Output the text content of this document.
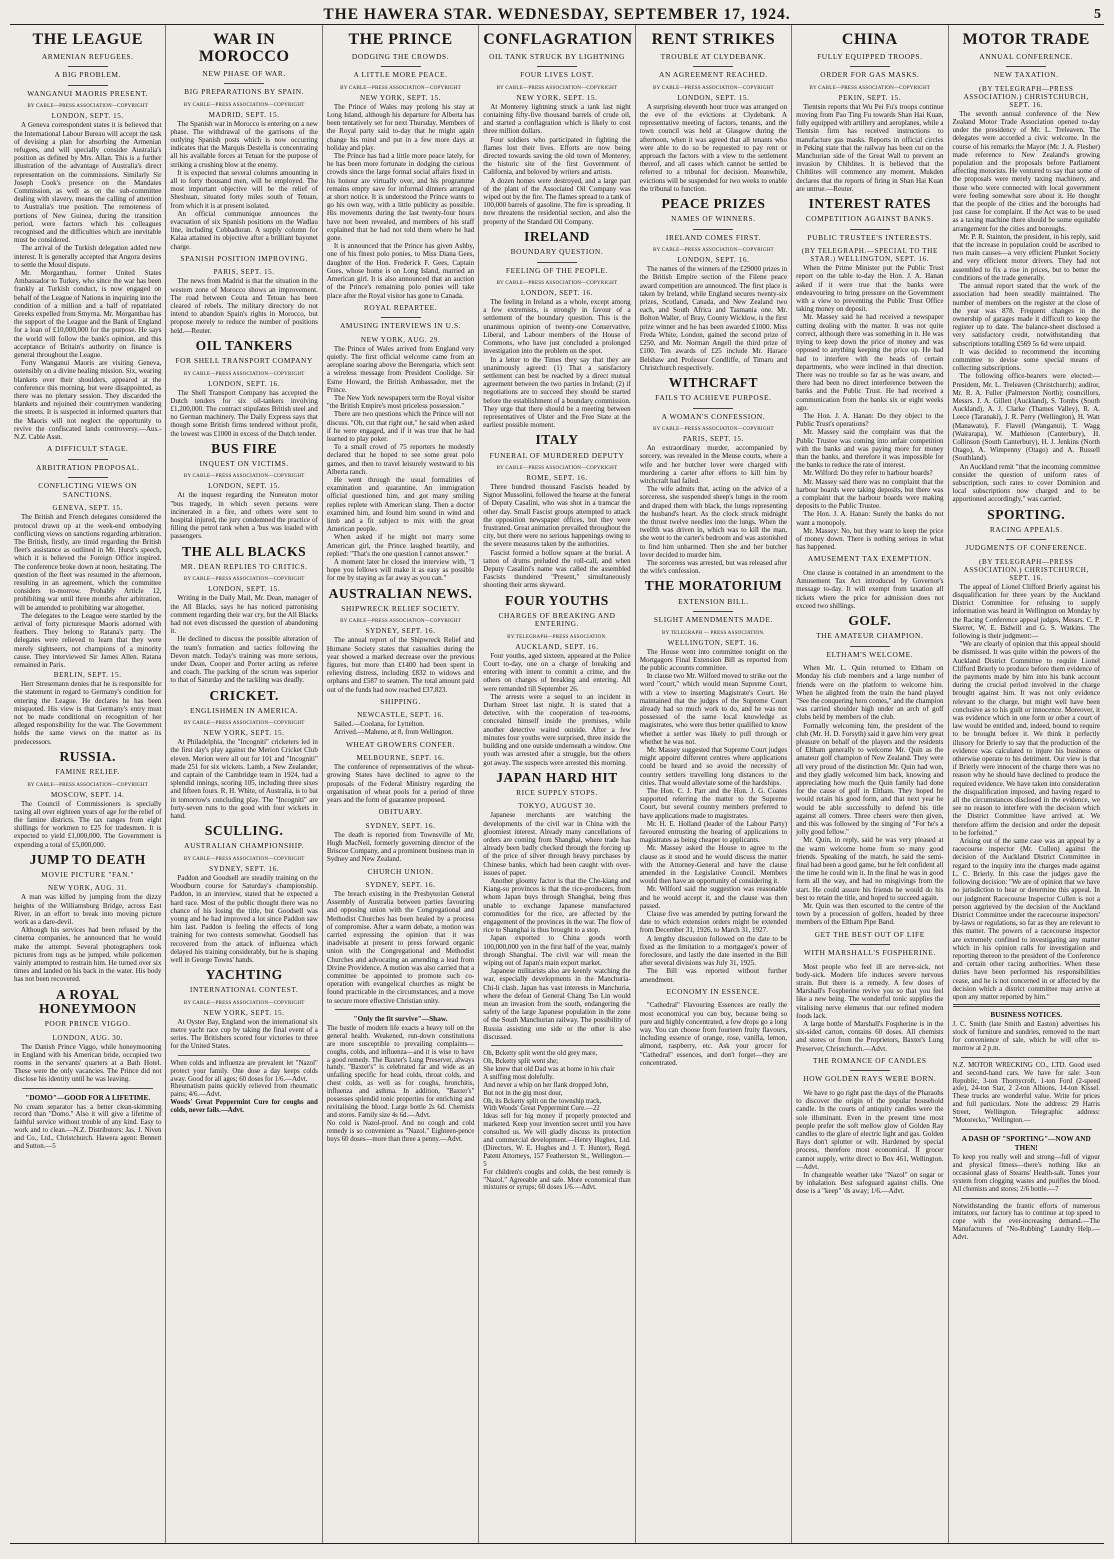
THE HAWERA STAR. WEDNESDAY, SEPTEMBER 17, 1924.	5
THE LEAGUE
ARMENIAN REFUGEES.
A BIG PROBLEM.
WANGANUI MAORIS PRESENT.
BY CABLE—PRESS ASSOCIATION—COPYRIGHT
LONDON, SEPT. 15.

A Geneva correspondent states it is believed that the International Labour Bureau will accept the task of devising a plan for absorbing the Armenian refugees, and will specially consider Australia's position as defined by Mrs. Allan. This is a further illustration of the advantage of Australia's direct representation on the commissions. Similarly Sir Joseph Cook's presence on the Mandates Commission, as well as on the sub-committee dealing with slavery, means the calling of attention to Australia's true position. The remoteness of portions of New Guinea, during the transition period, were factors which his colleagues recognised and the difficulties which are inevitable must be considered.

The arrival of the Turkish delegation added new interest. It is generally accepted that Angora desires to settle the Mosul dispute.

Mr. Morganthau, former United States Ambassador to Turkey, who since the war has been frankly at Turkish conduct, is now engaged on behalf of the League of Nations in inquiring into the condition of a million and a half of repatriated Greeks expelled from Smyrna. Mr. Morganthau has the support of the League and the Bank of England for a loan of £10,000,000 for the purpose. He says the world will follow the bank's opinion, and this acceptance of Britain's authority on finance is general throughout the League.

Forty Wanganui Maoris are visiting Geneva, ostensibly on a divine healing mission. Six, wearing blankets over their shoulders, appeared at the conference this morning, but were disappointed, as there was no plenary session. They discarded the blankets and rejoined their countrymen wandering the streets. It is suspected in informed quarters that the Maoris will not neglect the opportunity to revive the confiscated lands controversy.—Aus.-N.Z. Cable Assn.

A DIFFICULT STAGE.
ARBITRATION PROPOSAL.
CONFLICTING VIEWS ON SANCTIONS.
GENEVA, SEPT. 15.

The British and French delegates considered the protocol drawn up at the week-end embodying conflicting views on sanctions regarding arbitration. The British, firstly, are timid regarding the British fleet's assistance as outlined in Mr. Hurst's speech, which it is believed the Foreign Office inspired. The conference broke down at noon, hesitating. The question of the fleet was resumed in the afternoon, resulting in an agreement, which the committee considers to-morrow. Probably Article 12, prohibiting war until three months after arbitration, will be amended to prohibiting war altogether.

The delegates to the League were startled by the arrival of forty picturesque Maoris adorned with feathers. They belong to Ratana's party. The delegates were relieved to learn that they were merely sightseers, not champions of a minority cause. They interviewed Sir James Allen. Ratana remained in Paris.

BERLIN, SEPT. 15.

Herr Stresemann denies that he is responsible for the statement in regard to Germany's condition for entering the League. He declares he has been misquoted. His view is that Germany's entry must not be made conditional on recognition of her alleged responsibility for the war. The Government holds the same views on the matter as its predecessors.

RUSSIA.
FAMINE RELIEF.
BY CABLE—PRESS ASSOCIATION—COPYRIGHT
MOSCOW, SEPT. 14.

The Council of Commissioners is specially taxing all over eighteen years of age for the relief of the famine districts. The tax ranges from eight shillings for workmen to £25 for tradesmen. It is expected to yield £1,000,000. The Government is expending a total of £5,000,000.

JUMP TO DEATH
MOVIE PICTURE "FAN."
NEW YORK, AUG. 31.

A man was killed by jumping from the dizzy heights of the Williamsburg Bridge, across East River, in an effort to break into moving picture work as a dare-devil.

Although his services had been refused by the cinema companies, he announced that he would make the attempt. Several photographers took pictures from tugs as he jumped, while policemen vainly attempted to restrain him. He turned over six times and landed on his back in the water. His body has not been recovered.

A ROYAL HONEYMOON
POOR PRINCE VIGGO.
LONDON, AUG. 30.

The Danish Prince Viggo, while honeymooning in England with his American bride, occupied two rooms in the servants' quarters at a Bath Hotel. These were the only vacancies. The Prince did not disclose his identity until he was leaving.

"DOMO"—GOOD FOR A LIFETIME.

No cream separator has a better clean-skimming record than "Domo." Also it will give a lifetime of faithful service without trouble of any kind. Easy to work and to clean.—N.Z. Distributors: Jas. J. Niven and Co., Ltd., Christchurch. Hawera agent: Bennett and Sutton.—5

WAR IN MOROCCO
NEW PHASE OF WAR.
BIG PREPARATIONS BY SPAIN.
BY CABLE—PRESS ASSOCIATION—COPYRIGHT
MADRID, SEPT. 15.

The Spanish war in Morocco is entering on a new phase. The withdrawal of the garrisons of the outlying Spanish posts which is now occurring indicates that the Marquis Destella is concentrating all his available forces at Tetuan for the purpose of striking a crushing blow at the enemy.

It is expected that several columns amounting in all to forty thousand men, will be employed. The most important objective will be the relief of Sheshuan, situated forty miles south of Tetuan, from which it is at present isolated.

An official communique announces the evacuation of six Spanish positions on the Wadlau line, including Cobbaduran. A supply column for Kalaa attained its objective after a brilliant bayonet charge.

SPANISH POSITION IMPROVING.
PARIS, SEPT. 15.

The news from Madrid is that the situation in the western zone of Morocco shows an improvement. The road between Ceuta and Tetuan has been cleared of rebels. The military directory do not intend to abandon Spain's rights in Morocco, but propose merely to reduce the number of positions held.—Reuter.

OIL TANKERS
FOR SHELL TRANSPORT COMPANY
BY CABLE—PRESS ASSOCIATION—COPYRIGHT
LONDON, SEPT. 16.

The Shell Transport Company has accepted the Dutch tenders for six oil-tankers involving £1,200,000. The contract stipulates British steel and no German machinery. The Daily Express says that though some British firms tendered without profit, the lowest was £1000 in excess of the Dutch tender.

BUS FIRE
INQUEST ON VICTIMS.
BY CABLE—PRESS ASSOCIATION—COPYRIGHT
LONDON, SEPT. 15.

At the inquest regarding the Nuneaton motor "bus tragedy, in which seven persons were incinerated in a fire, and others were sent to hospital injured, the jury condemned the practice of filling the petrol tank when a 'bus was loaded with passengers.

THE ALL BLACKS
MR. DEAN REPLIES TO CRITICS.
BY CABLE—PRESS ASSOCIATION—COPYRIGHT
LONDON, SEPT. 15.

Writing in the Daily Mail, Mr. Dean, manager of the All Blacks, says he has noticed patronising comment regarding their war cry, but the All Blacks had not even discussed the question of abandoning it.

He declined to discuss the possible alteration of the team's formation and tactics following the Devon match. Today's training was more serious, under Dean, Cooper and Porter acting as referee and coach. The packing of the scrum was superior to that of Saturday and the tackling was deadly.

CRICKET.
ENGLISHMEN IN AMERICA.
BY CABLE—PRESS ASSOCIATION—COPYRIGHT
NEW YORK, SEPT. 15.

At Philadelphia, the "Incogniti" cricketers led in the first day's play against the Merion Cricket Club eleven. Merion were all out for 101 and "Incogniti" made 251 for six wickets. Lamb, a New Zealander, and captain of the Cambridge team in 1924, had a splendid innings, scoring 105, including three sixes and fifteen fours. R. H. White, of Australia, is to bat in tomorrow's concluding play. The "Incogniti" are forty-seven runs to the good with four wickets in hand.

SCULLING.
AUSTRALIAN CHAMPIONSHIP.
BY CABLE—PRESS ASSOCIATION—COPYRIGHT
SYDNEY, SEPT. 16.

Paddon and Goodsell are steadily training on the Woodburn course for Saturday's championship. Paddon, in an interview, stated that he expected a hard race. Most of the public thought there was no chance of his losing the title, but Goodsell was young and he had improved a lot since Paddon saw him last. Paddon is feeling the effects of long training for two contests somewhat. Goodsell has recovered from the attack of influenza which delayed his training considerably, but he is shaping well in George Towns' hands.

YACHTING
INTERNATIONAL CONTEST.
BY CABLE—PRESS ASSOCIATION—COPYRIGHT
NEW YORK, SEPT. 15.

At Oyster Bay, England won the international six metre yacht race cup by taking the final event of a series. The Britishers scored four victories to three for the United States.

When colds and influenza are prevalent let "Nazol" protect your family. One dose a day keeps colds away. Good for all ages; 60 doses for 1/6.—Advt.

Rheumatism pains quickly relieved from rheumatic pains; 4/6.—Advt.

Woods' Great Peppermint Cure for coughs and colds, never fails.—Advt.

THE PRINCE
DODGING THE CROWDS.
A LITTLE MORE PEACE.
BY CABLE—PRESS ASSOCIATION—COPYRIGHT
NEW YORK, SEPT. 15.

The Prince of Wales may prolong his stay at Long Island, although his departure for Alberta has been tentatively set for next Thursday. Members of the Royal party said to-day that he might again change his mind and put in a few more days at holiday and play.

The Prince has had a little more peace lately, for he has been more fortunate in dodging the curious crowds since the large formal social affairs fixed in his honour are virtually over, and his programme remains empty save for informal dinners arranged at short notice. It is understood the Prince wants to go his own way, with a little publicity as possible. His movements during the last twenty-four hours have not been revealed, and members of his staff explained that he had not told them where he had gone.

It is announced that the Prince has given Ashby, one of his finest polo ponies, to Miss Diana Gees, daughter of the Hon. Frederick F. Gees, Captain Gues, whose home is on Long Island, married an American girl. It is also announced that an auction of the Prince's remaining polo ponies will take place after the Royal visitor has gone to Canada.

ROYAL REPARTEE.
AMUSING INTERVIEWS IN U.S.
NEW YORK, AUG. 29.

The Prince of Wales arrived from England very quietly. The first official welcome came from an aeroplane soaring above the Berengaria, which sent a wireless message from President Coolidge. Sir Esme Howard, the British Ambassador, met the Prince.

The New York newspapers term the Royal visitor "the British Empire's most priceless possession."

There are two questions which the Prince will not discuss. "Oh, cut that right out," he said when asked if he were engaged, and if it was true that he had learned to play poker.

To a small crowd of 75 reporters he modestly declared that he hoped to see some great polo games, and then to travel leisurely westward to his Alberta ranch.

He went through the usual formalities of examination and quarantine. An immigration official questioned him, and got many smiling replies replete with American slang. Then a doctor examined him, and found him sound in wind and limb and a fit subject to mix with the great American people.

When asked if he might not marry some American girl, the Prince laughed heartily, and replied: "That's the one question I cannot answer."

A moment later he closed the interview with, "I hope you fellows will make it as easy as possible for me by staying as far away as you can."

AUSTRALIAN NEWS.
SHIPWRECK RELIEF SOCIETY.
BY CABLE—PRESS ASSOCIATION—COPYRIGHT
SYDNEY, SEPT. 16.

The annual report of the Shipwreck Relief and Humane Society states that casualties during the year showed a marked decrease over the previous figures, but more than £1400 had been spent in relieving distress, including £832 to widows and orphans and £587 to seamen. The total amount paid out of the funds had now reached £37,823.

SHIPPING.
NEWCASTLE, SEPT. 16.

Sailed.—Coolana, for Lyttelton.

Arrived.—Maheno, at 8, from Wellington.

WHEAT GROWERS CONFER.
MELBOURNE, SEPT. 16.

The conference of representatives of the wheat-growing States have declined to agree to the proposals of the Federal Ministry regarding the organisation of wheat pools for a period of three years and the form of guarantee proposed.

OBITUARY.
SYDNEY, SEPT. 16.

The death is reported from Townsville of Mr. Hugh MacNeil, formerly governing director of the Briscoe Company, and a prominent business man in Sydney and New Zealand.

CHURCH UNION.
SYDNEY, SEPT. 16.

The breach existing in the Presbyterian General Assembly of Australia between parties favouring and opposing union with the Congregational and Methodist Churches has been healed by a process of compromise. After a warm debate, a motion was carried expressing the opinion that it was inadvisable at present to press forward organic union with the Congregational and Methodist Churches and advocating an amending a lead from Divine Providence. A motion was also carried that a committee be appointed to promote such co-operation with evangelical churches as might be found practicable in the circumstances, and a move to secure more effective Christian unity.

"Only the fit survive"—Shaw.

The bustle of modern life exacts a heavy toll on the general health. Weakened, run-down constitutions are more susceptible to prevailing complaints—coughs, colds, and influenza—and it is wise to have a good remedy. The Baxter's Lung Preserver, always handy. "Baxter's" is celebrated far and wide as an unfailing specific for head colds, throat colds, and chest colds, as well as for coughs, bronchitis, influenza and asthma. In addition, "Baxter's" possesses splendid tonic properties for enriching and revitalising the blood. Large bottle 2s 6d. Chemists and stores. Family size 4s 6d.—Advt.

No cold is Nazol-proof. And no cough and cold remedy is so convenient as "Nazol." Eighteen-pence buys 60 doses—more than three a penny.—Advt.

CONFLAGRATION
OIL TANK STRUCK BY LIGHTNING
FOUR LIVES LOST.
BY CABLE—PRESS ASSOCIATION—COPYRIGHT
NEW YORK, SEPT. 15.

At Monterey lightning struck a tank last night containing fifty-five thousand barrels of crude oil, and started a conflagration which is likely to cost three million dollars.

Four soldiers who participated in fighting the flames lost their lives. Efforts are now being directed towards saving the old town of Monterey, the historic site of the first Government of California, and beloved by writers and artists.

A dozen homes were destroyed, and a large part of the plant of the Associated Oil Company was wiped out by the fire. The flames spread to a tank of 100,000 barrels of gasoline. The fire is spreading. It now threatens the residential section, and also the property of the Standard Oil Company.

IRELAND
BOUNDARY QUESTION.
FEELING OF THE PEOPLE.
BY CABLE—PRESS ASSOCIATION—COPYRIGHT
LONDON, SEPT. 16.

The feeling in Ireland as a whole, except among a few extremists, is strongly in favour of a settlement of the boundary question. This is the unanimous opinion of twenty-one Conservative, Liberal, and Labour members of the House of Commons, who have just concluded a prolonged investigation into the problem on the spot.

In a letter to the Times they say that they are unanimously agreed: (1) That a satisfactory settlement can best be reached by a direct mutual agreement between the two parties in Ireland; (2) if negotiations are to succeed they should be started before the establishment of a boundary commission. They urge that there should be a meeting between representatives of Ulster and the Free State at the earliest possible moment.

ITALY
FUNERAL OF MURDERED DEPUTY
BY CABLE—PRESS ASSOCIATION—COPYRIGHT
ROME, SEPT. 16.

Three hundred thousand Fascists headed by Signor Mussolini, followed the hearse at the funeral of Deputy Casalini, who was shot in a tramcar the other day. Small Fascist groups attempted to attack the opposition newspaper offices, but they were frustrated. Great animation prevailed throughout the city, but there were no serious happenings owing to the severe measures taken by the authorities.

Fascist formed a hollow square at the burial. A tattoo of drums preluded the roll-call, and when Deputy Casalini's name was called the assembled Fascists thundered "Present," simultaneously shooting their arms skyward.

FOUR YOUTHS
CHARGES OF BREAKING AND ENTERING.
BY TELEGRAPH—PRESS ASSOCIATION.
AUCKLAND, SEPT. 16.

Four youths, aged sixteen, appeared at the Police Court to-day, one on a charge of breaking and entering with intent to commit a crime, and the others on charges of breaking and entering. All were remanded till September 26.

The arrests were a sequel to an incident in Durham Street last night. It is stated that a detective, with the cooperation of tea-rooms, concealed himself inside the premises, while another detective waited outside. After a few minutes four youths were surprised, three inside the building and one outside underneath a window. One youth was arrested after a struggle, but the others got away. The suspects were arrested this morning.

JAPAN HARD HIT
RICE SUPPLY STOPS.
TOKYO, AUGUST 30.

Japanese merchants are watching the developments of the civil war in China with the gloomiest interest. Already many cancellations of orders are coming from Shanghai, where trade has already been badly checked through the forcing up of the price of silver through heavy purchases by Chinese banks, which had been caught with over-issues of paper.

Another gloomy factor is that the Che-kiang and Kiang-su provinces is that the rice-producers, from whom Japan buys through Shanghai, being thus unable to exchange Japanese manufactured commodities for the rice, are affected by the engagement of the provinces in the war. The flow of rice to Shanghai is thus brought to a stop.

Japan exported to China goods worth 100,000,000 yen in the first half of the year, mainly through Shanghai. The civil war will mean the wiping out of Japan's main export market.

Japanese militarists also are keenly watching the war, especially developments in the Manchuria-Chi-li clash. Japan has vast interests in Manchuria, where the defeat of General Chang Tso Lin would mean an invasion from the south, endangering the safety of the large Japanese population in the zone of the South Manchurian railway. The possibility of Russia assisting one side or the other is also discussed.

Oh, Bcketty split went the old grey mare,

Oh, Bcketty split went she;

She knew that old Dad was at home in his chair

A sniffing most dolefully.

And never a whip on her flank dropped John,

But not in the gig most dour,

Oh, its Bcketty split on the township track,

With Woods' Great Peppermint Cure.—22

Ideas sell for big money if properly protected and marketed. Keep your invention secret until you have consulted us. We will gladly discuss its protection and commercial development.—Henry Hughes, Ltd. (Directors, W. E. Hughes and J. T. Hunter), Regd. Patent Attorneys, 157 Featherston St., Wellington.—5

For children's coughs and colds, the best remedy is "Nazol." Agreeable and safe. More economical than mixtures or syrups; 60 doses 1/6.—Advt.

RENT STRIKES
TROUBLE AT CLYDEBANK.
AN AGREEMENT REACHED.
BY CABLE—PRESS ASSOCIATION—COPYRIGHT
LONDON, SEPT. 15.

A surprising eleventh hour truce was arranged on the eve of the evictions at Clydebank. A representative meeting of factors, tenants, and the town council was held at Glasgow during the afternoon, when it was agreed that all tenants who were able to do so be requested to pay rent or approach the factors with a view to the settlement thereof, and all cases which cannot be settled be referred to a tribunal for decision. Meanwhile, evictions will be suspended for two weeks to enable the tribunal to function.

PEACE PRIZES
NAMES OF WINNERS.
IRELAND COMES FIRST.
BY CABLE—PRESS ASSOCIATION—COPYRIGHT
LONDON, SEPT. 16.

The names of the winners of the £29000 prizes in the British Empire section of the Filene peace award competition are announced. The first place is taken by Ireland, while England secures twenty-six prizes, Scotland, Canada, and New Zealand two each, and South Africa and Tasmania one. Mr. Bolton Waller, of Bray, County Wicklow, is the first prize winner and he has been awarded £1000. Miss Freda White, London, gained the second prize of £250, and Mr. Norman Angell the third prize of £100. Ten awards of £25 include Mr. Harace Belshaw and Professor Condliffe, of Timaru and Christchurch respectively.

WITHCRAFT
FAILS TO ACHIEVE PURPOSE.
A WOMAN'S CONFESSION.
BY CABLE—PRESS ASSOCIATION—COPYRIGHT
PARIS, SEPT. 15.

An extraordinary murder, accompanied by sorcery, was revealed in the Meuse courts, where a wife and her butcher lover were charged with murdering a carter after efforts to kill him by witchcraft had failed.

The wife admits that, acting on the advice of a sorceress, she suspended sheep's lungs in the room and draped them with black, the lungs representing the husband's heart. As the clock struck midnight the thrust twelve needles into the lungs. When the twelfth was driven in, which was to kill the man, she went to the carter's bedroom and was astonished to find him unharmed. Then she and her butcher lover decided to murder him.

The sorceress was arrested, but was released after the wife's confession.

THE MORATORIUM
EXTENSION BILL.
SLIGHT AMENDMENTS MADE.
BY TELEGRAPH — PRESS ASSOCIATION.
WELLINGTON, SEPT. 16.

The House went into committee tonight on the Mortgagors Final Extension Bill as reported from the public accounts committee.

In clause two Mr. Wilford moved to strike out the word "court," which would mean Supreme Court, with a view to inserting Magistrate's Court. He maintained that the judges of the Supreme Court already had so much work to do, and he was not possessed of the same local knowledge as magistrates, who were thus better qualified to know whether a settler was likely to pull through or whether he was not.

Mr. Massey suggested that Supreme Court judges might appoint different centres where applications could be heard and so avoid the necessity of country settlers travelling long distances to the cities. That would alleviate some of the hardships.

The Hon. C. J. Parr and the Hon. J. G. Coates supported referring the matter to the Supreme Court, but several country members preferred to have applications made to magistrates.

Mr. H. E. Holland (leader of the Labour Party) favoured entrusting the hearing of applications to magistrates as being cheaper to applicants.

Mr. Massey asked the House to agree to the clause as it stood and he would discuss the matter with the Attorney-General and have the clause amended in the Legislative Council. Members would then have an opportunity of considering it.

Mr. Wilford said the suggestion was reasonable and he would accept it, and the clause was then passed.

Clause five was amended by putting forward the date to which extension orders might be extended from December 31, 1926, to March 31, 1927.

A lengthy discussion followed on the date to be fixed as the limitation to a mortgagee's power of foreclosure, and lastly the date inserted in the Bill after several divisions was July 31, 1925.

The Bill was reported without further amendment.

ECONOMY IN ESSENCE.

"Cathedral" Flavouring Essences are really the most economical you can buy, because being so pure and highly concentrated, a few drops go a long way. You can choose from fourteen fruity flavours, including essence of orange, rose, vanilla, lemon, almond, raspberry, etc. Ask your grocer for "Cathedral" essences, and don't forget—they are concentrated.

CHINA
FULLY EQUIPPED TROOPS.
ORDER FOR GAS MASKS.
BY CABLE—PRESS ASSOCIATION—COPYRIGHT
PEKIN, SEPT. 15.

Tientsin reports that Wu Pei Fu's troops continue moving from Pao Ting Fu towards Shan Hai Kuan, fully equipped with artillery and aeroplanes, while a Tientsin firm has received instructions to manufacture gas masks. Reports in official circles in Peking state that the railway has been cut on the Manchurian side of the Great Wall to prevent an invasion by Chihlites. It is believed that the Chihlites will commence any moment. Mukden declares that the reports of firing in Shan Hai Kuan are untrue.—Reuter.

INTEREST RATES
COMPETITION AGAINST BANKS.
PUBLIC TRUSTEE'S INTERESTS.
(BY TELEGRAPH.—SPECIAL TO THE STAR.) WELLINGTON, SEPT. 16.

When the Prime Minister put the Public Trust report on the table to-day the Hon. J. A. Hanan asked if it were true that the banks were endeavouring to bring pressure on the Government with a view to preventing the Public Trust Office taking money on deposit.

Mr. Massey said he had received a newspaper cutting dealing with the matter. It was not quite correct, although there was something in it. He was trying to keep down the price of money and was opposed to anything keeping the price up. He had had to interfere with the heads of certain departments, who were inclined in that direction. There was no trouble so far as he was aware, and there had been no direct interference between the banks and the Public Trust. He had received a communication from the banks six or eight weeks ago.

The Hon. J. A. Hanan: Do they object to the Public Trust's operations?

Mr. Massey said the complaint was that the Public Trustee was coming into unfair competition with the banks and was paying more for money than the banks, and therefore it was impossible for the banks to reduce the rate of interest.

Mr. Wilford: Do they refer to harbour boards?

Mr. Massey said there was no complaint that the harbour boards were taking deposits, but there was a complaint that the harbour boards were making deposits to the Public Trustee.

The Hon. J. A. Hanan: Surely the banks do not want a monopoly.

Mr. Massey: No, but they want to keep the price of money down. There is nothing serious in what has happened.

AMUSEMENT TAX EXEMPTION.

One clause is contained in an amendment to the Amusement Tax Act introduced by Governor's message to-day. It will exempt from taxation all tickets where the price for admission does not exceed two shillings.

GOLF.
THE AMATEUR CHAMPION.
ELTHAM'S WELCOME.

When Mr. L. Quin returned to Eltham on Monday his club members and a large number of friends were on the platform to welcome him. When he alighted from the train the band played "See the conquering hero comes," and the champion was carried shoulder high under an arch of golf clubs held by members of the club.

Formally welcoming him, the president of the club (Mr. H. D. Forsyth) said it gave him very great pleasure on behalf of the players and the residents of Eltham generally to welcome Mr. Quin as the amateur golf champion of New Zealand. They were all very proud of the distinction Mr. Quin had won, and they gladly welcomed him back, knowing and appreciating how much the Quin family had done for the cause of golf in Eltham. They hoped he would retain his good form, and that next year he would be able successfully to defend his title against all comers. Three cheers were then given, and this was followed by the singing of "For he's a jolly good fellow."

Mr. Quin, in reply, said he was very pleased at the warm welcome home from so many good friends. Speaking of the match, he said the semi-final had been a good game, but he felt confident all the time he could win it. In the final he was in good form all the way, and had no misgivings from the start. He could assure his friends he would do his best to retain the title, and hoped to succeed again.

Mr. Quin was then escorted to the centre of the town by a procession of golfers, headed by three members of the Eltham Pipe Band.

GET THE BEST OUT OF LIFE
WITH MARSHALL'S FOSPHERINE.

Most people who feel ill are nerve-sick, not body-sick. Modern life induces severe nervous strain. But there is a remedy. A few doses of Marshall's Fospherine revive you so that you feel like a new being. The wonderful tonic supplies the vitalising nerve elements that our refined modern foods lack.

A large bottle of Marshall's Fospherine is in the six-sided carton, contains 60 doses. All chemists and stores or from the Proprietors, Baxter's Lung Preserver, Christchurch.—Advt.

THE ROMANCE OF CANDLES
HOW GOLDEN RAYS WERE BORN.

We have to go right past the days of the Pharaohs to discover the origin of the popular household candle. In the courts of antiquity candles were the sole illuminant. Even in the present time most people prefer the soft mellow glow of Golden Ray candles to the glare of electric light and gas. Golden Rays don't splutter or wilt. Hardened by special process, therefore most economical. If grocer cannot supply, write direct to Box 461, Wellington.—Advt.

In changeable weather take "Nazol" on sugar or by inhalation. Best safeguard against chills. One dose is a "keep" 'ds away; 1/6.—Advt.

MOTOR TRADE
ANNUAL CONFERENCE.
NEW TAXATION.
(BY TELEGRAPH—PRESS ASSOCIATION.) CHRISTCHURCH, SEPT. 16.

The seventh annual conference of the New Zealand Motor Trade Association opened to-day under the presidency of Mr. L. Treleaven. The delegates were accorded a civic welcome. In the course of his remarks the Mayor (Mr. J. A. Flesher) made reference to New Zealand's growing population and the proposals before Parliament affecting motorists. He ventured to say that some of the proposals were merely taxing machinery, and those who were connected with local government were feeling somewhat sore about it. He thought that the people of the cities and the boroughs had just cause for complaint. If the Act was to be used as a taxing machine there should be some equitable arrangement for the cities and boroughs.

Mr. P. R. Stainton, the president, in his reply, said that the increase in population could be ascribed to two main causes—a very efficient Plunket Society and very efficient motor drivers. They had not assembled to fix a rise in prices, but to better the conditions of the trade generally.

The annual report stated that the work of the association had been steadily maintained. The number of members on the register at the close of the year was 878. Frequent changes in the ownership of garages made it difficult to keep the register up to date. The balance-sheet disclosed a very satisfactory credit, notwithstanding that subscriptions totalling £569 5s 6d were unpaid.

It was decided to recommend the incoming committee to devise some special means of collecting subscriptions.

The following office-bearers were elected:—President, Mr. L. Treleaven (Christchurch); auditor, Mr. R. A. Fuller (Palmerston North); councillors, Messrs. J. A. Gillett (Auckland), S. Tombs (South Auckland), A. J. Clarke (Thames Valley), R. A. Leece (Taranaki), J. R. Perry (Wellington), H. Watt (Manawatu), F. Flavell (Wanganui), T. Wagg (Wairarapa), W. Mathieson (Canterbury), H. Collinson (South Canterbury), H. J. Jenkins (North Otago), A. Wimpenny (Otago) and A. Russell (Southland).

An Auckland remit "that the incoming committee consider the question of uniform rates of subscription, such rates to cover Dominion and local subscriptions now charged and to be apportioned accordingly," was carried.

SPORTING.
RACING APPEALS.
JUDGMENTS OF CONFERENCE.
(BY TELEGRAPH—PRESS ASSOCIATION.) CHRISTCHURCH, SEPT. 16.

The appeal of Lionel Clifford Brierly against his disqualification for three years by the Auckland District Committee for refusing to supply information was heard in Wellington on Monday by the Racing Conference appeal judges, Messrs. C. P. Skerret, W. E. Bidwill and G. S. Watkins. The following is their judgment:—

"We are clearly of opinion that this appeal should be dismissed. It was quite within the powers of the Auckland District Committee to require Lionel Clifford Brierly to produce before them evidence of the payments made by him into his bank account during the crucial period involved in the charge brought against him. It was not only evidence relevant to the charge, but might well have been conclusive as to his guilt or innocence. Moreover, it was evidence which in one form or other a court of law would be entitled and, indeed, bound to require to be brought before it. We think it perfectly illusory for Brierly to say that the production of the evidence was calculated to injure his business or otherwise operate to his detriment. Our view is that if Brierly were innocent of the charge there was no reason why he should have declined to produce the required evidence. We have taken into consideration the disqualification imposed, and having regard to all the circumstances disclosed in the evidence, we see no reason to interfere with the decision which the District Committee have arrived at. We therefore affirm the decision and order the deposit to be forfeited."

Arising out of the same case was an appeal by a racecourse inspector (Mr. Cullen) against the decision of the Auckland District Committee in regard to the inquiry into the charges made against L. C. Brierly. In this case the judges gave the following decision: "We are of opinion that we have no jurisdiction to hear or determine this appeal. In our judgment Racecourse Inspector Cullen is not a person aggrieved by the decision of the Auckland District Committee under the racecourse inspectors' by-laws or regulations, so far as they are relevant to this matter. The powers of a racecourse inspector are extremely confined to investigating any matter which in his opinion calls for investigation and reporting thereon to the president of the Conference and certain other racing authorities. When these duties have been performed his responsibilities cease, and he is not concerned in or affected by the decision which a district committee may arrive at upon any matter reported by him."

BUSINESS NOTICES.

J. C. Smith (late Smith and Easton) advertises his stock of furniture and sundries, removed to the mart for convenience of sale, which he will offer to-morrow at 2 p.m.

N.Z. MOTOR WRECKING CO., LTD. Good used and second-hand cars. We have for sale: 3-ton Republic, 3-ton Thornycroft, 1-ton Ford (2-speed axle), 24-ton Star, 2 2-ton Albions, 14-ton Kissel. These trucks are wonderful value. Write for prices and full particulars. Note the address: 29 Harris Street, Wellington. Telegraphic address: "Motorecko," Wellington.—

A DASH OF "SPORTING"—NOW AND THEN!

To keep you really well and strong—full of vigour and physical fitness—there's nothing like an occasional glass of Stearns' Health-salt. Tones your system from clogging wastes and purifies the blood. All chemists and stores; 2/6 bottle.—7

Notwithstanding the frantic efforts of numerous imitators, our factory has to continue at top speed to cope with the ever-increasing demand.—The Manufacturers of "No-Rubbing" Laundry Help.—Advt.
